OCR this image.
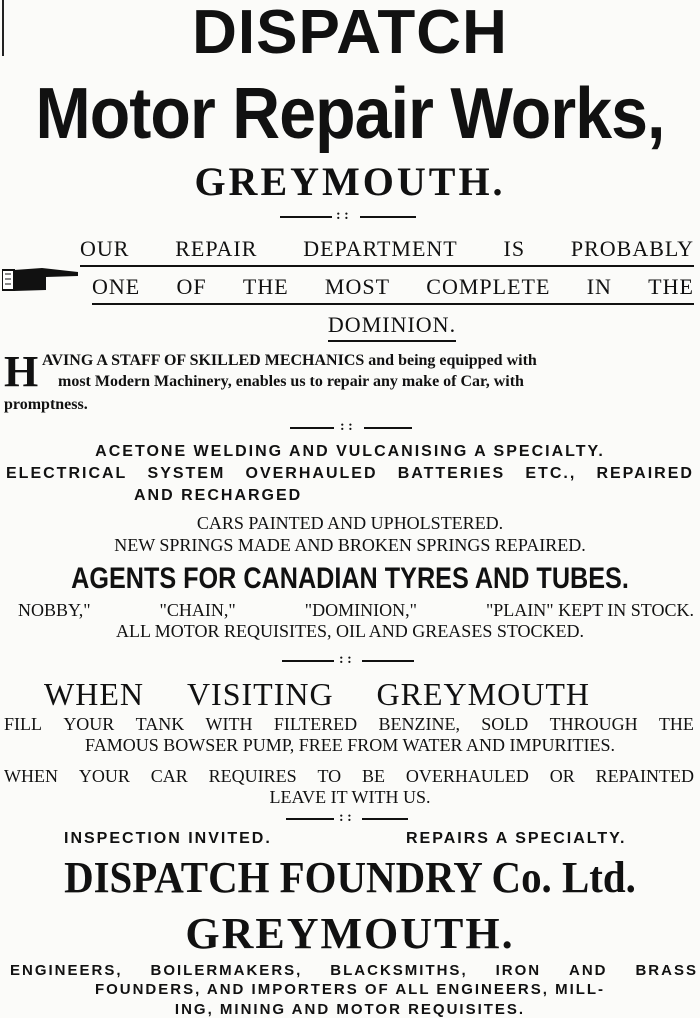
DISPATCH
Motor Repair Works,
GREYMOUTH.
: :
OUR REPAIR DEPARTMENT IS PROBABLY
ONE OF THE MOST COMPLETE IN THE
DOMINION.
H AVING A STAFF OF SKILLED MECHANICS and being equipped with
most Modern Machinery, enables us to repair any make of Car, with
promptness.
: :
ACETONE WELDING AND VULCANISING A SPECIALTY.
ELECTRICAL SYSTEM OVERHAULED BATTERIES ETC., REPAIRED
AND RECHARGED
CARS PAINTED AND UPHOLSTERED.
NEW SPRINGS MADE AND BROKEN SPRINGS REPAIRED.
AGENTS FOR CANADIAN TYRES AND TUBES.
NOBBY,"	"CHAIN,"	"DOMINION,"	"PLAIN" KEPT IN STOCK.
ALL MOTOR REQUISITES, OIL AND GREASES STOCKED.
: :
WHEN VISITING GREYMOUTH
FILL YOUR TANK WITH FILTERED BENZINE, SOLD THROUGH THE
FAMOUS BOWSER PUMP, FREE FROM WATER AND IMPURITIES.
WHEN YOUR CAR REQUIRES TO BE OVERHAULED OR REPAINTED
LEAVE IT WITH US.
: :
INSPECTION INVITED.	REPAIRS A SPECIALTY.
DISPATCH FOUNDRY Co. Ltd.
GREYMOUTH.
ENGINEERS, BOILERMAKERS, BLACKSMITHS, IRON AND BRASS
FOUNDERS, AND IMPORTERS OF ALL ENGINEERS, MILL-
ING, MINING AND MOTOR REQUISITES.
